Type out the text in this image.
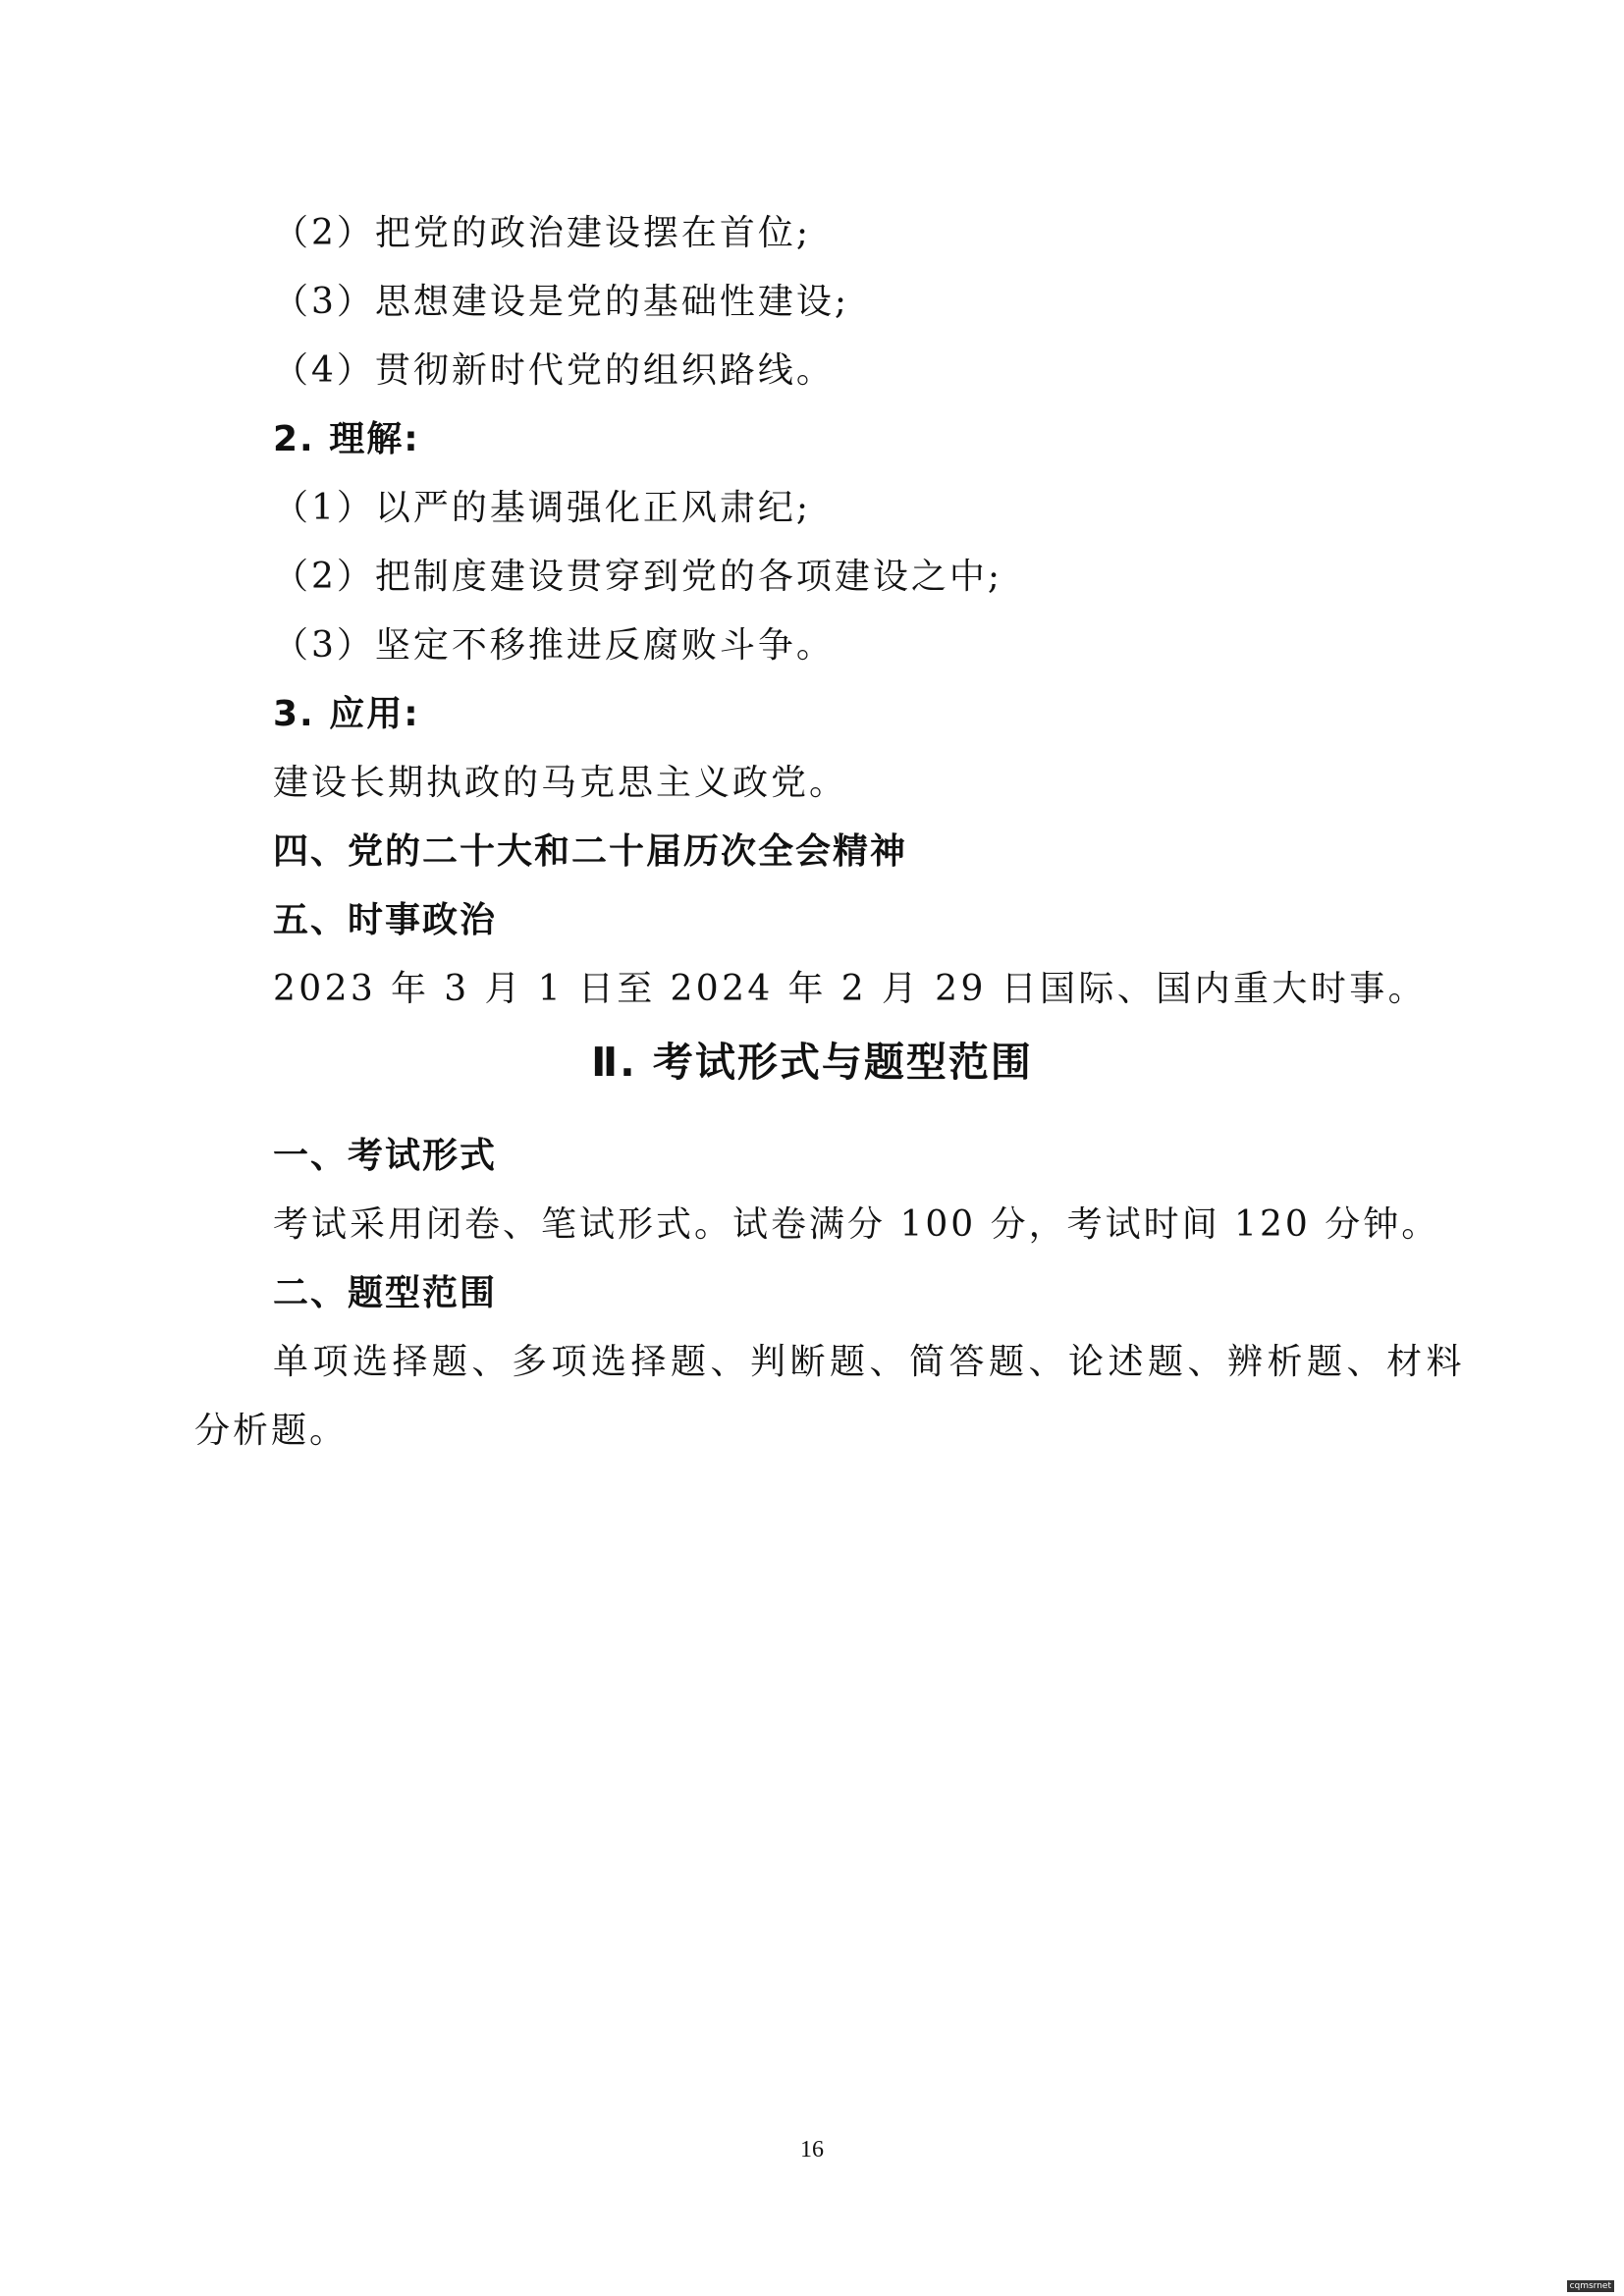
（2）把党的政治建设摆在首位;
（3）思想建设是党的基础性建设;
（4）贯彻新时代党的组织路线。
2. 理解:
（1）以严的基调强化正风肃纪;
（2）把制度建设贯穿到党的各项建设之中;
（3）坚定不移推进反腐败斗争。
3. 应用:
建设长期执政的马克思主义政党。
四、党的二十大和二十届历次全会精神
五、时事政治
2023 年 3 月 1 日至 2024 年 2 月 29 日国际、国内重大时事。
Ⅱ. 考试形式与题型范围
一、考试形式
考试采用闭卷、笔试形式。试卷满分 100 分，考试时间 120 分钟。
二、题型范围
单项选择题、多项选择题、判断题、简答题、论述题、辨析题、材料
分析题。
16
cqmsrnet
